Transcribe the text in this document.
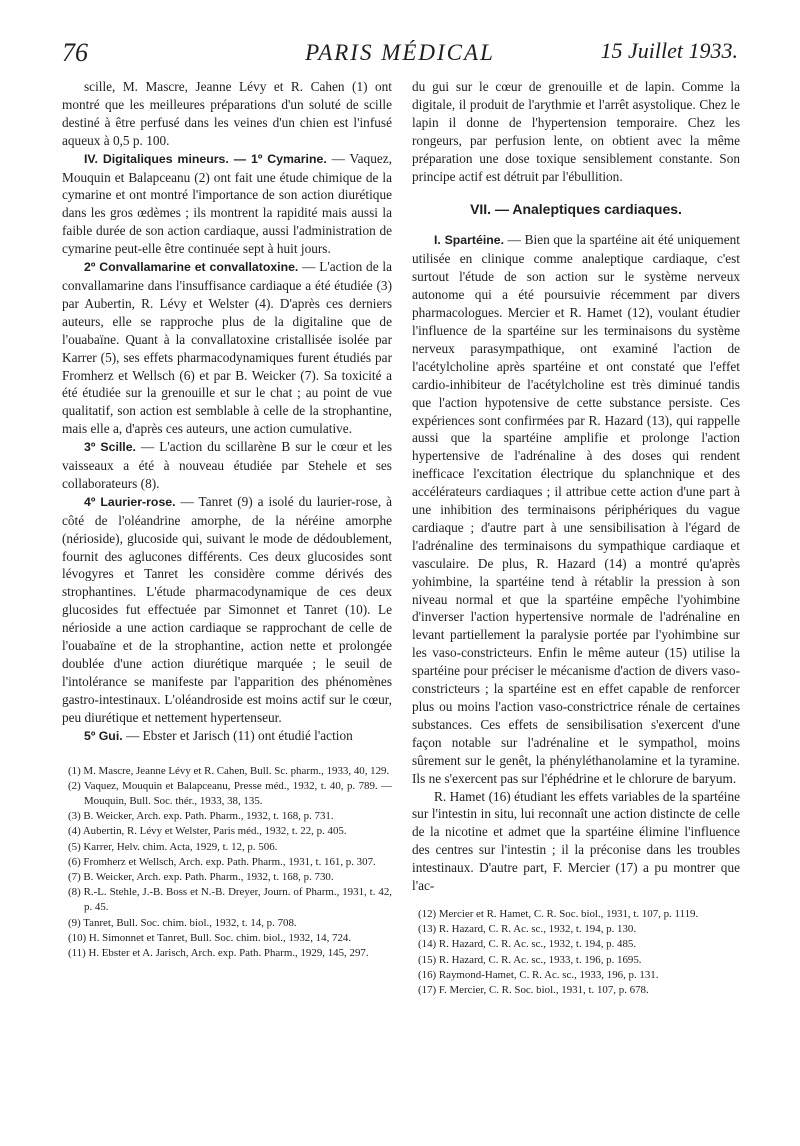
76	PARIS MÉDICAL	15 Juillet 1933.

scille, M. Mascre, Jeanne Lévy et R. Cahen (1) ont montré que les meilleures préparations d'un soluté de scille destiné à être perfusé dans les veines d'un chien est l'infusé aqueux à 0,5 p. 100.

IV. Digitaliques mineurs. — 1º Cymarine. — Vaquez, Mouquin et Balapceanu (2) ont fait une étude chimique de la cymarine et ont montré l'importance de son action diurétique dans les gros œdèmes ; ils montrent la rapidité mais aussi la faible durée de son action cardiaque, aussi l'administration de cymarine peut-elle être continuée sept à huit jours.

2º Convallamarine et convallatoxine. — L'action de la convallamarine dans l'insuffisance cardiaque a été étudiée (3) par Aubertin, R. Lévy et Welster (4). D'après ces derniers auteurs, elle se rapproche plus de la digitaline que de l'ouabaïne. Quant à la convallatoxine cristallisée isolée par Karrer (5), ses effets pharmacodynamiques furent étudiés par Fromherz et Wellsch (6) et par B. Weicker (7). Sa toxicité a été étudiée sur la grenouille et sur le chat ; au point de vue qualitatif, son action est semblable à celle de la strophantine, mais elle a, d'après ces auteurs, une action cumulative.

3º Scille. — L'action du scillarène B sur le cœur et les vaisseaux a été à nouveau étudiée par Stehele et ses collaborateurs (8).

4º Laurier-rose. — Tanret (9) a isolé du laurier-rose, à côté de l'oléandrine amorphe, de la néréine amorphe (nérioside), glucoside qui, suivant le mode de dédoublement, fournit des aglucones différents. Ces deux glucosides sont lévogyres et Tanret les considère comme dérivés des strophantines. L'étude pharmacodynamique de ces deux glucosides fut effectuée par Simonnet et Tanret (10). Le nérioside a une action cardiaque se rapprochant de celle de l'ouabaïne et de la strophantine, action nette et prolongée doublée d'une action diurétique marquée ; le seuil de l'intolérance se manifeste par l'apparition des phénomènes gastro-intestinaux. L'oléandroside est moins actif sur le cœur, peu diurétique et nettement hypertenseur.

5º Gui. — Ebster et Jarisch (11) ont étudié l'action

(1) M. Mascre, Jeanne Lévy et R. Cahen, Bull. Sc. pharm., 1933, 40, 129.

(2) Vaquez, Mouquin et Balapceanu, Presse méd., 1932, t. 40, p. 789. — Mouquin, Bull. Soc. thér., 1933, 38, 135.

(3) B. Weicker, Arch. exp. Path. Pharm., 1932, t. 168, p. 731.

(4) Aubertin, R. Lévy et Welster, Paris méd., 1932, t. 22, p. 405.

(5) Karrer, Helv. chim. Acta, 1929, t. 12, p. 506.

(6) Fromherz et Wellsch, Arch. exp. Path. Pharm., 1931, t. 161, p. 307.

(7) B. Weicker, Arch. exp. Path. Pharm., 1932, t. 168, p. 730.

(8) R.-L. Stehle, J.-B. Boss et N.-B. Dreyer, Journ. of Pharm., 1931, t. 42, p. 45.

(9) Tanret, Bull. Soc. chim. biol., 1932, t. 14, p. 708.

(10) H. Simonnet et Tanret, Bull. Soc. chim. biol., 1932, 14, 724.

(11) H. Ebster et A. Jarisch, Arch. exp. Path. Pharm., 1929, 145, 297.

du gui sur le cœur de grenouille et de lapin. Comme la digitale, il produit de l'arythmie et l'arrêt asystolique. Chez le lapin il donne de l'hypertension temporaire. Chez les rongeurs, par perfusion lente, on obtient avec la même préparation une dose toxique sensiblement constante. Son principe actif est détruit par l'ébullition.

VII. — Analeptiques cardiaques.

I. Spartéine. — Bien que la spartéine ait été uniquement utilisée en clinique comme analeptique cardiaque, c'est surtout l'étude de son action sur le système nerveux autonome qui a été poursuivie récemment par divers pharmacologues. Mercier et R. Hamet (12), voulant étudier l'influence de la spartéine sur les terminaisons du système nerveux parasympathique, ont examiné l'action de l'acétylcholine après spartéine et ont constaté que l'effet cardio-inhibiteur de l'acétylcholine est très diminué tandis que l'action hypotensive de cette substance persiste. Ces expériences sont confirmées par R. Hazard (13), qui rappelle aussi que la spartéine amplifie et prolonge l'action hypertensive de l'adrénaline à des doses qui rendent inefficace l'excitation électrique du splanchnique et des accélérateurs cardiaques ; il attribue cette action d'une part à une inhibition des terminaisons périphériques du vague cardiaque ; d'autre part à une sensibilisation à l'égard de l'adrénaline des terminaisons du sympathique cardiaque et vasculaire. De plus, R. Hazard (14) a montré qu'après yohimbine, la spartéine tend à rétablir la pression à son niveau normal et que la spartéine empêche l'yohimbine d'inverser l'action hypertensive normale de l'adrénaline en levant partiellement la paralysie portée par l'yohimbine sur les vaso-constricteurs. Enfin le même auteur (15) utilise la spartéine pour préciser le mécanisme d'action de divers vaso-constricteurs ; la spartéine est en effet capable de renforcer plus ou moins l'action vaso-constrictrice rénale de certaines substances. Ces effets de sensibilisation s'exercent d'une façon notable sur l'adrénaline et le sympathol, moins sûrement sur le genêt, la phényléthanolamine et la tyramine. Ils ne s'exercent pas sur l'éphédrine et le chlorure de baryum.

R. Hamet (16) étudiant les effets variables de la spartéine sur l'intestin in situ, lui reconnaît une action distincte de celle de la nicotine et admet que la spartéine élimine l'influence des centres sur l'intestin ; il la préconise dans les troubles intestinaux. D'autre part, F. Mercier (17) a pu montrer que l'ac-

(12) Mercier et R. Hamet, C. R. Soc. biol., 1931, t. 107, p. 1119.

(13) R. Hazard, C. R. Ac. sc., 1932, t. 194, p. 130.

(14) R. Hazard, C. R. Ac. sc., 1932, t. 194, p. 485.

(15) R. Hazard, C. R. Ac. sc., 1933, t. 196, p. 1695.

(16) Raymond-Hamet, C. R. Ac. sc., 1933, 196, p. 131.

(17) F. Mercier, C. R. Soc. biol., 1931, t. 107, p. 678.
